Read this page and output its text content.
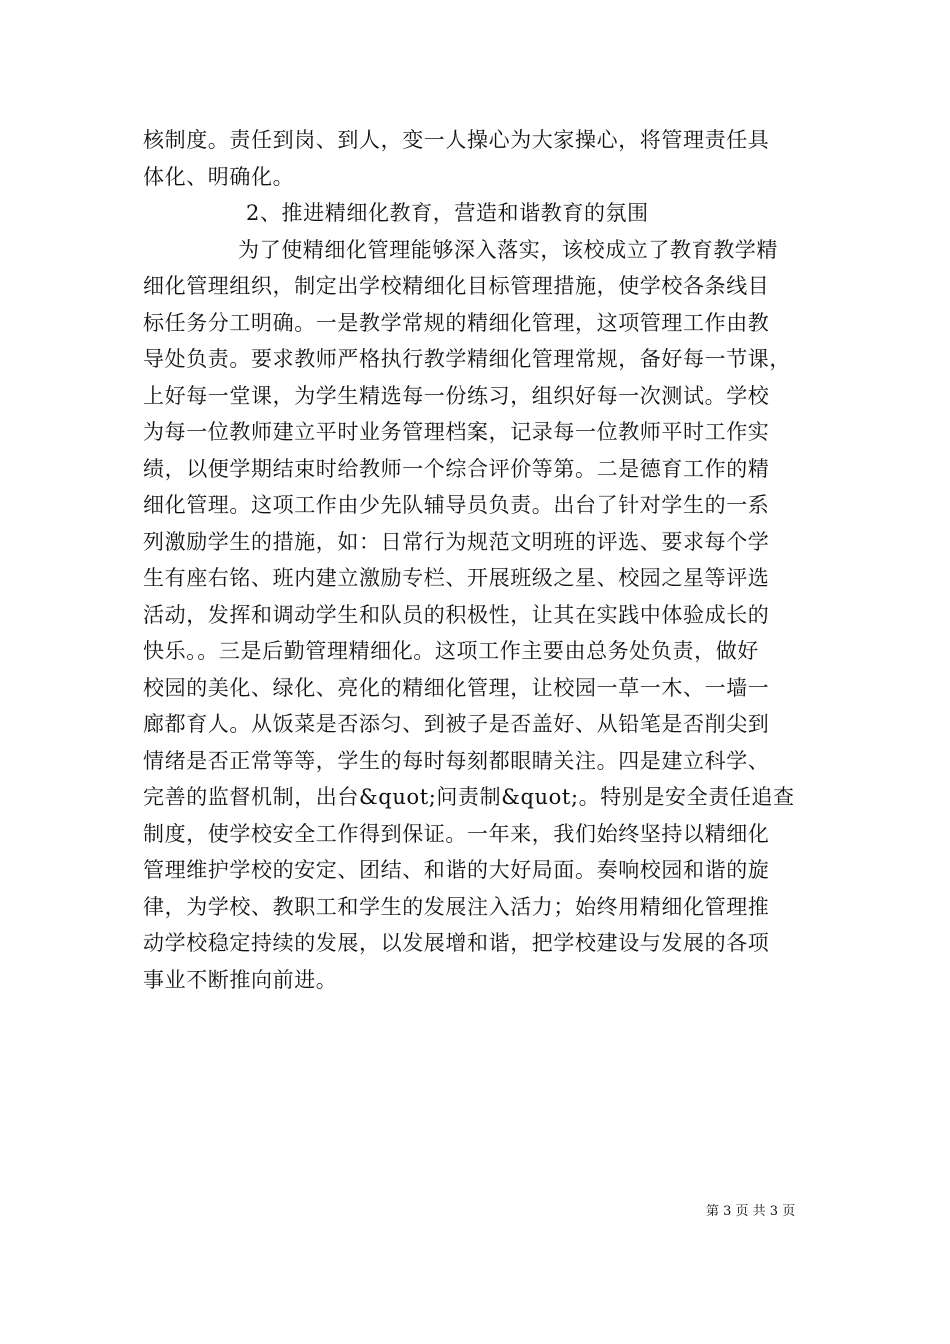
核制度。责任到岗、到人，变一人操心为大家操心，将管理责任具
体化、明确化。
2、推进精细化教育，营造和谐教育的氛围
为了使精细化管理能够深入落实，该校成立了教育教学精
细化管理组织，制定出学校精细化目标管理措施，使学校各条线目
标任务分工明确。一是教学常规的精细化管理，这项管理工作由教
导处负责。要求教师严格执行教学精细化管理常规，备好每一节课，
上好每一堂课，为学生精选每一份练习，组织好每一次测试。学校
为每一位教师建立平时业务管理档案，记录每一位教师平时工作实
绩，以便学期结束时给教师一个综合评价等第。二是德育工作的精
细化管理。这项工作由少先队辅导员负责。出台了针对学生的一系
列激励学生的措施，如：日常行为规范文明班的评选、要求每个学
生有座右铭、班内建立激励专栏、开展班级之星、校园之星等评选
活动，发挥和调动学生和队员的积极性，让其在实践中体验成长的
快乐。。三是后勤管理精细化。这项工作主要由总务处负责，做好
校园的美化、绿化、亮化的精细化管理，让校园一草一木、一墙一
廊都育人。从饭菜是否添匀、到被子是否盖好、从铅笔是否削尖到
情绪是否正常等等，学生的每时每刻都眼睛关注。四是建立科学、
完善的监督机制，出台&quot;问责制&quot;。特别是安全责任追查
制度，使学校安全工作得到保证。一年来，我们始终坚持以精细化
管理维护学校的安定、团结、和谐的大好局面。奏响校园和谐的旋
律，为学校、教职工和学生的发展注入活力；始终用精细化管理推
动学校稳定持续的发展，以发展增和谐，把学校建设与发展的各项
事业不断推向前进。
第 3 页 共 3 页
